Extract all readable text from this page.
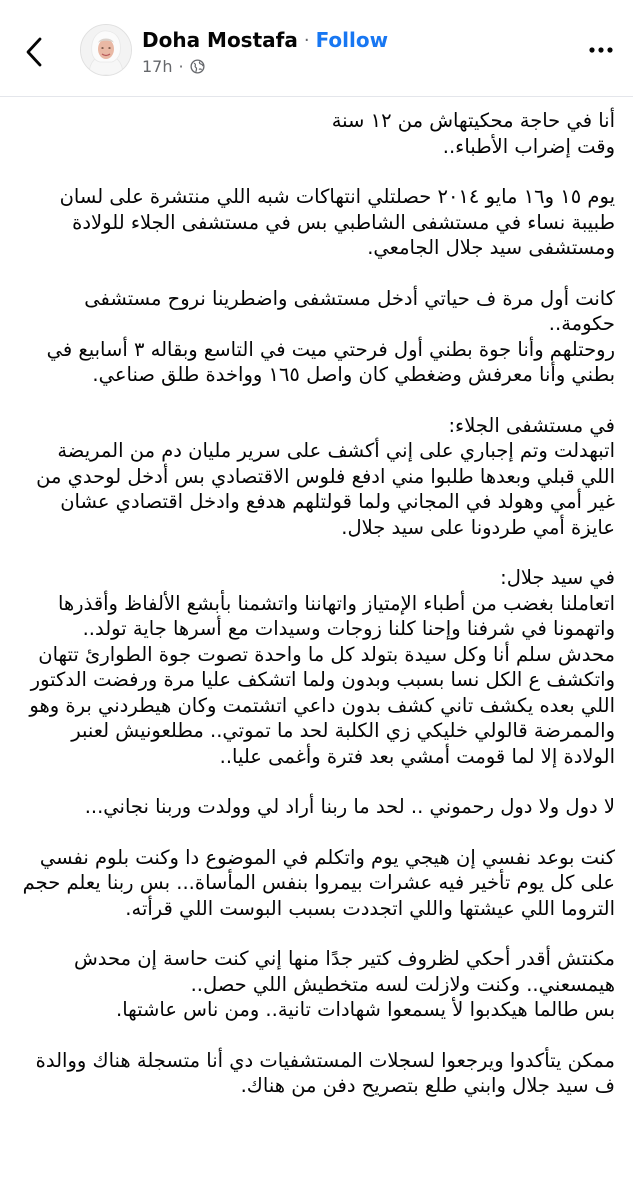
Doha Mostafa · Follow
17h ·

أنا في حاجة محكيتهاش من ١٢ سنة

وقت إضراب الأطباء..

يوم ١٥ و١٦ مايو ٢٠١٤ حصلتلي انتهاكات شبه اللي منتشرة على لسان طبيبة نساء في مستشفى الشاطبي بس في مستشفى الجلاء للولادة ومستشفى سيد جلال الجامعي.

كانت أول مرة ف حياتي أدخل مستشفى واضطرينا نروح مستشفى حكومة..

روحتلهم وأنا جوة بطني أول فرحتي ميت في التاسع وبقاله ٣ أسابيع في بطني وأنا معرفش وضغطي كان واصل ١٦٥ وواخدة طلق صناعي.

في مستشفى الجلاء:

اتبهدلت وتم إجباري على إني أكشف على سرير مليان دم من المريضة اللي قبلي وبعدها طلبوا مني ادفع فلوس الاقتصادي بس أدخل لوحدي من غير أمي وهولد في المجاني ولما قولتلهم هدفع وادخل اقتصادي عشان عايزة أمي طردونا على سيد جلال.

في سيد جلال:

اتعاملنا بغضب من أطباء الإمتياز واتهاننا واتشمنا بأبشع الألفاظ وأقذرها واتهمونا في شرفنا وإحنا كلنا زوجات وسيدات مع أسرها جاية تولد..

محدش سلم أنا وكل سيدة بتولد كل ما واحدة تصوت جوة الطوارئ تتهان واتكشف ع الكل نسا بسبب وبدون ولما اتشكف عليا مرة ورفضت الدكتور اللي بعده يكشف تاني كشف بدون داعي اتشتمت وكان هيطردني برة وهو والممرضة قالولي خليكي زي الكلبة لحد ما تموتي.. مطلعونيش لعنبر الولادة إلا لما قومت أمشي بعد فترة وأغمى عليا..

لا دول ولا دول رحموني .. لحد ما ربنا أراد لي وولدت وربنا نجاني...

كنت بوعد نفسي إن هيجي يوم واتكلم في الموضوع دا وكنت بلوم نفسي على كل يوم تأخير فيه عشرات بيمروا بنفس المأساة... بس ربنا يعلم حجم التروما اللي عيشتها واللي اتجددت بسبب البوست اللي قرأته.

مكنتش أقدر أحكي لظروف كتير جدًا منها إني كنت حاسة إن محدش هيمسعني.. وكنت ولازلت لسه متخطيش اللي حصل..

بس طالما هيكدبوا لأ يسمعوا شهادات تانية.. ومن ناس عاشتها.

ممكن يتأكدوا ويرجعوا لسجلات المستشفيات دي أنا متسجلة هناك ووالدة ف سيد جلال وابني طلع بتصريح دفن من هناك.
